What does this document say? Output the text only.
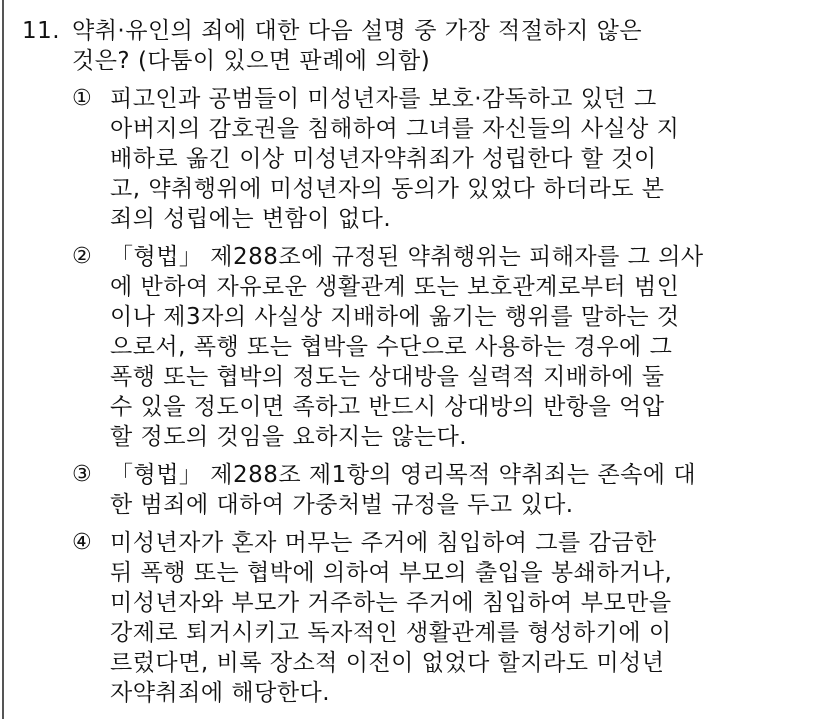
11. 약취·유인의 죄에 대한 다음 설명 중 가장 적절하지 않은
것은? (다툼이 있으면 판례에 의함)
① 피고인과 공범들이 미성년자를 보호·감독하고 있던 그
아버지의 감호권을 침해하여 그녀를 자신들의 사실상 지
배하로 옮긴 이상 미성년자약취죄가 성립한다 할 것이
고, 약취행위에 미성년자의 동의가 있었다 하더라도 본
죄의 성립에는 변함이 없다.
② 「형법」 제288조에 규정된 약취행위는 피해자를 그 의사
에 반하여 자유로운 생활관계 또는 보호관계로부터 범인
이나 제3자의 사실상 지배하에 옮기는 행위를 말하는 것
으로서, 폭행 또는 협박을 수단으로 사용하는 경우에 그
폭행 또는 협박의 정도는 상대방을 실력적 지배하에 둘
수 있을 정도이면 족하고 반드시 상대방의 반항을 억압
할 정도의 것임을 요하지는 않는다.
③ 「형법」 제288조 제1항의 영리목적 약취죄는 존속에 대
한 범죄에 대하여 가중처벌 규정을 두고 있다.
④ 미성년자가 혼자 머무는 주거에 침입하여 그를 감금한
뒤 폭행 또는 협박에 의하여 부모의 출입을 봉쇄하거나,
미성년자와 부모가 거주하는 주거에 침입하여 부모만을
강제로 퇴거시키고 독자적인 생활관계를 형성하기에 이
르렀다면, 비록 장소적 이전이 없었다 할지라도 미성년
자약취죄에 해당한다.
